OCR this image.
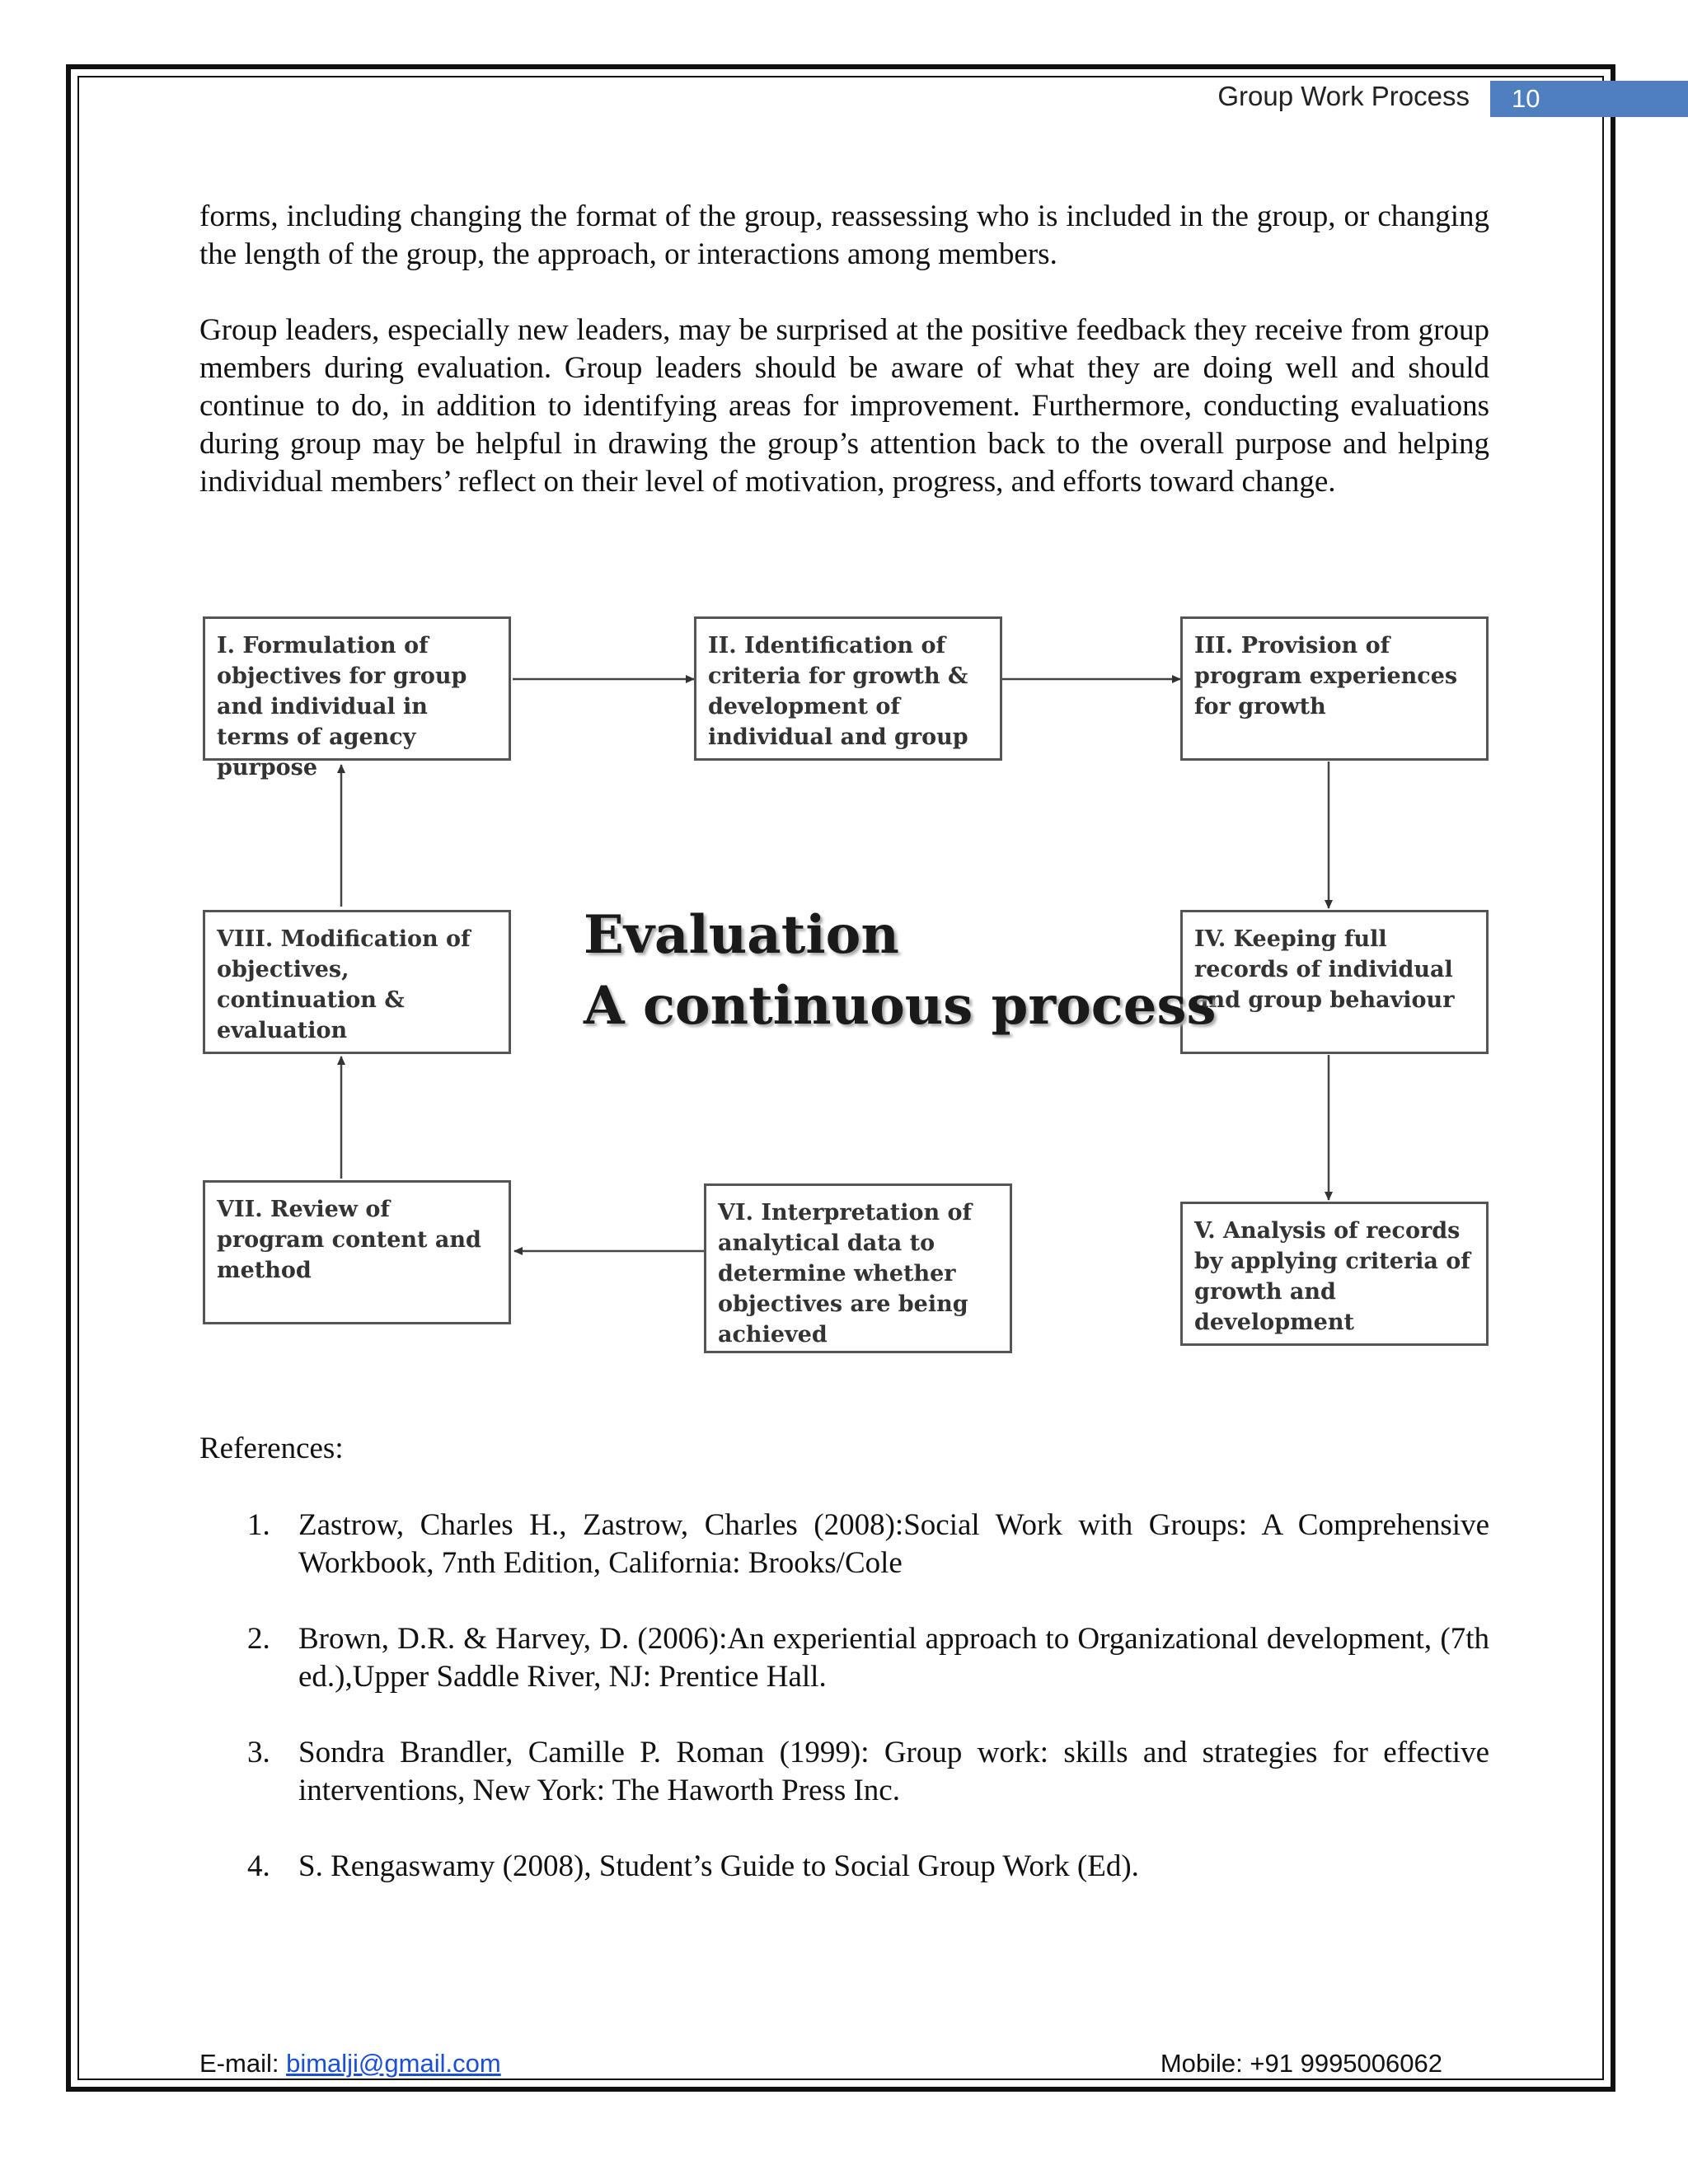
Group Work Process	10

forms, including changing the format of the group, reassessing who is included in the group, or changing the length of the group, the approach, or interactions among members.

Group leaders, especially new leaders, may be surprised at the positive feedback they receive from group members during evaluation. Group leaders should be aware of what they are doing well and should continue to do, in addition to identifying areas for improvement. Furthermore, conducting evaluations during group may be helpful in drawing the group’s attention back to the overall purpose and helping individual members’ reflect on their level of motivation, progress, and efforts toward change.

I. Formulation of objectives for group and individual in terms of agency purpose
II. Identification of criteria for growth & development of individual and group
III. Provision of program experiences for growth
IV. Keeping full records of individual and group behaviour
V. Analysis of records by applying criteria of growth and development
VI. Interpretation of analytical data to determine whether objectives are being achieved
VII. Review of program content and method
VIII. Modification of objectives, continuation & evaluation
Evaluation
A continuous process
References:
1. Zastrow, Charles H., Zastrow, Charles (2008):Social Work with Groups: A Comprehensive Workbook, 7nth Edition, California: Brooks/Cole
2. Brown, D.R. & Harvey, D. (2006):An experiential approach to Organizational development, (7th ed.),Upper Saddle River, NJ: Prentice Hall.
3. Sondra Brandler, Camille P. Roman (1999): Group work: skills and strategies for effective interventions, New York: The Haworth Press Inc.
4. S. Rengaswamy (2008), Student’s Guide to Social Group Work (Ed).
E-mail: bimalji@gmail.com	Mobile: +91 9995006062
